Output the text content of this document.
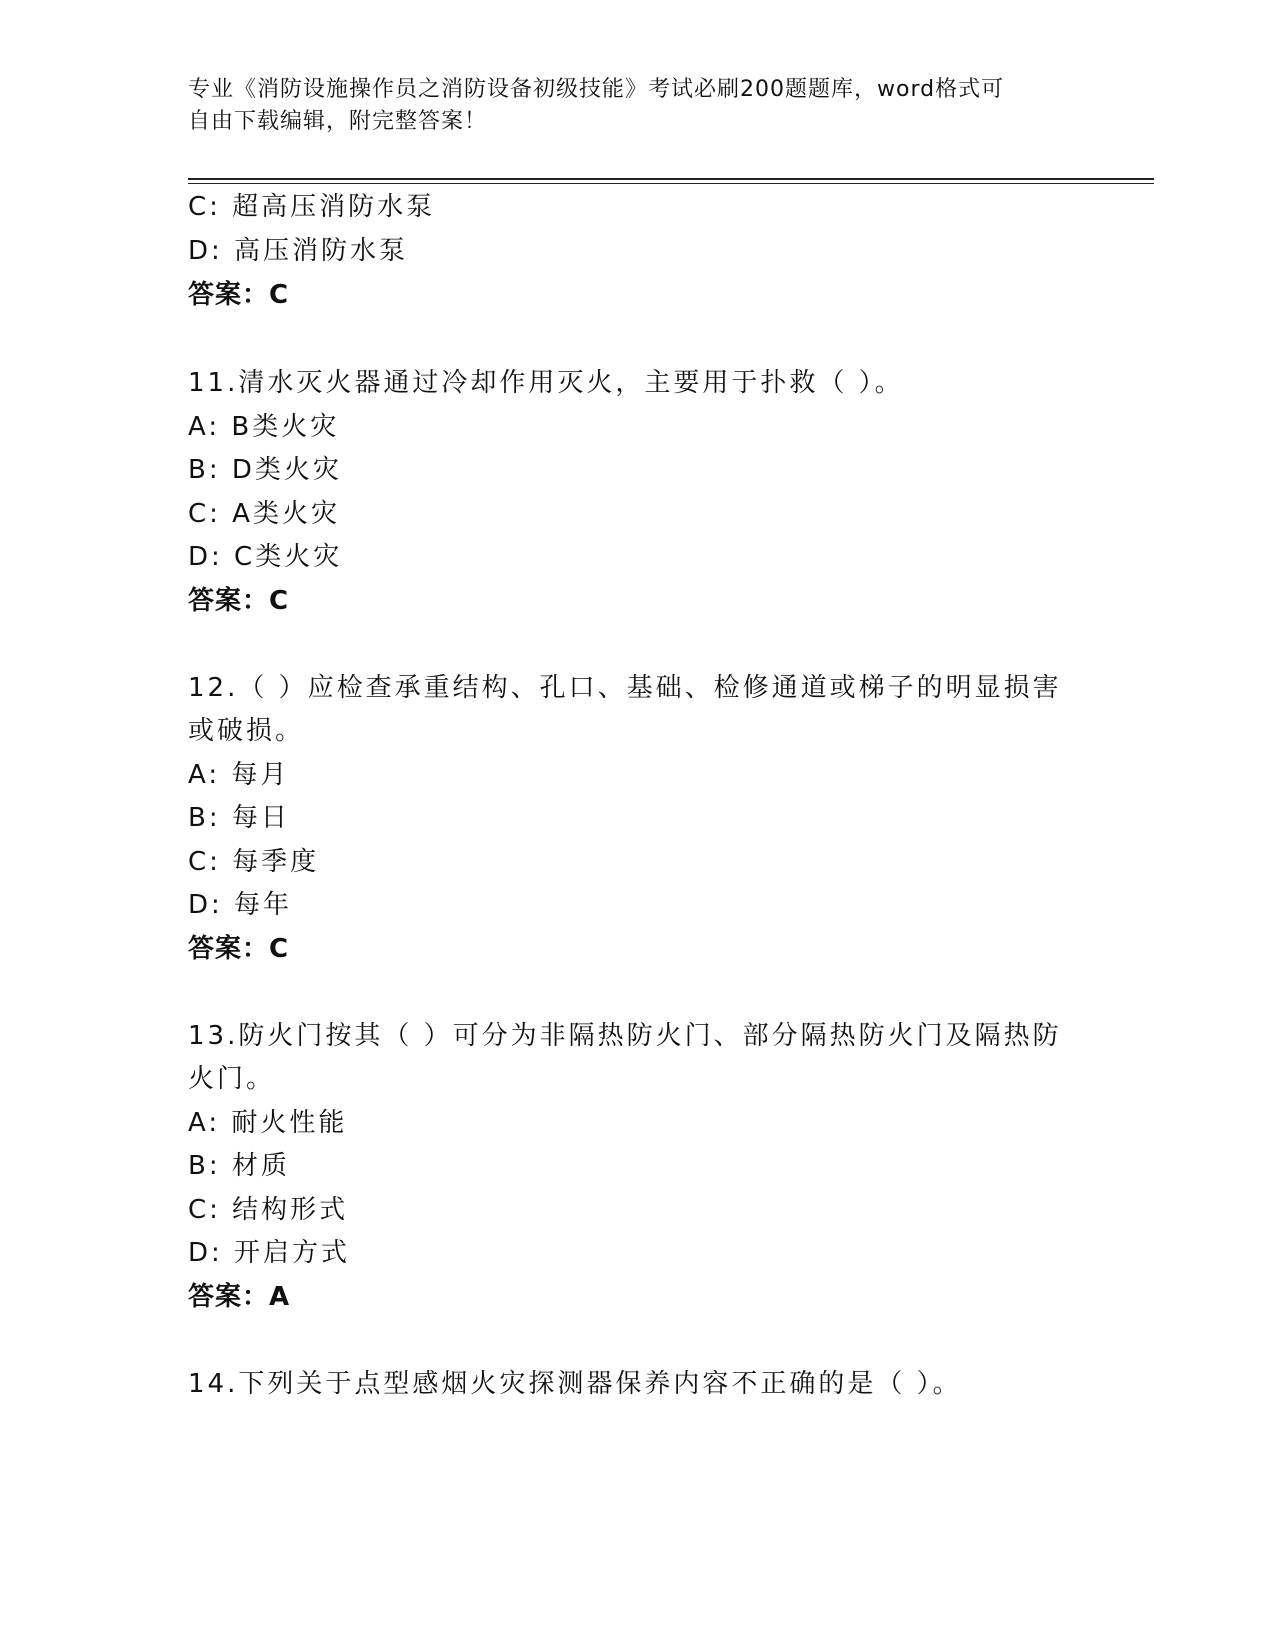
专业《消防设施操作员之消防设备初级技能》考试必刷200题题库，word格式可
自由下载编辑，附完整答案！
C: 超高压消防水泵
D: 高压消防水泵
答案：C
11.清水灭火器通过冷却作用灭火，主要用于扑救（ ）。
A: B类火灾
B: D类火灾
C: A类火灾
D: C类火灾
答案：C
12.（ ）应检查承重结构、孔口、基础、检修通道或梯子的明显损害
或破损。
A: 每月
B: 每日
C: 每季度
D: 每年
答案：C
13.防火门按其（ ）可分为非隔热防火门、部分隔热防火门及隔热防
火门。
A: 耐火性能
B: 材质
C: 结构形式
D: 开启方式
答案：A
14.下列关于点型感烟火灾探测器保养内容不正确的是（ ）。
